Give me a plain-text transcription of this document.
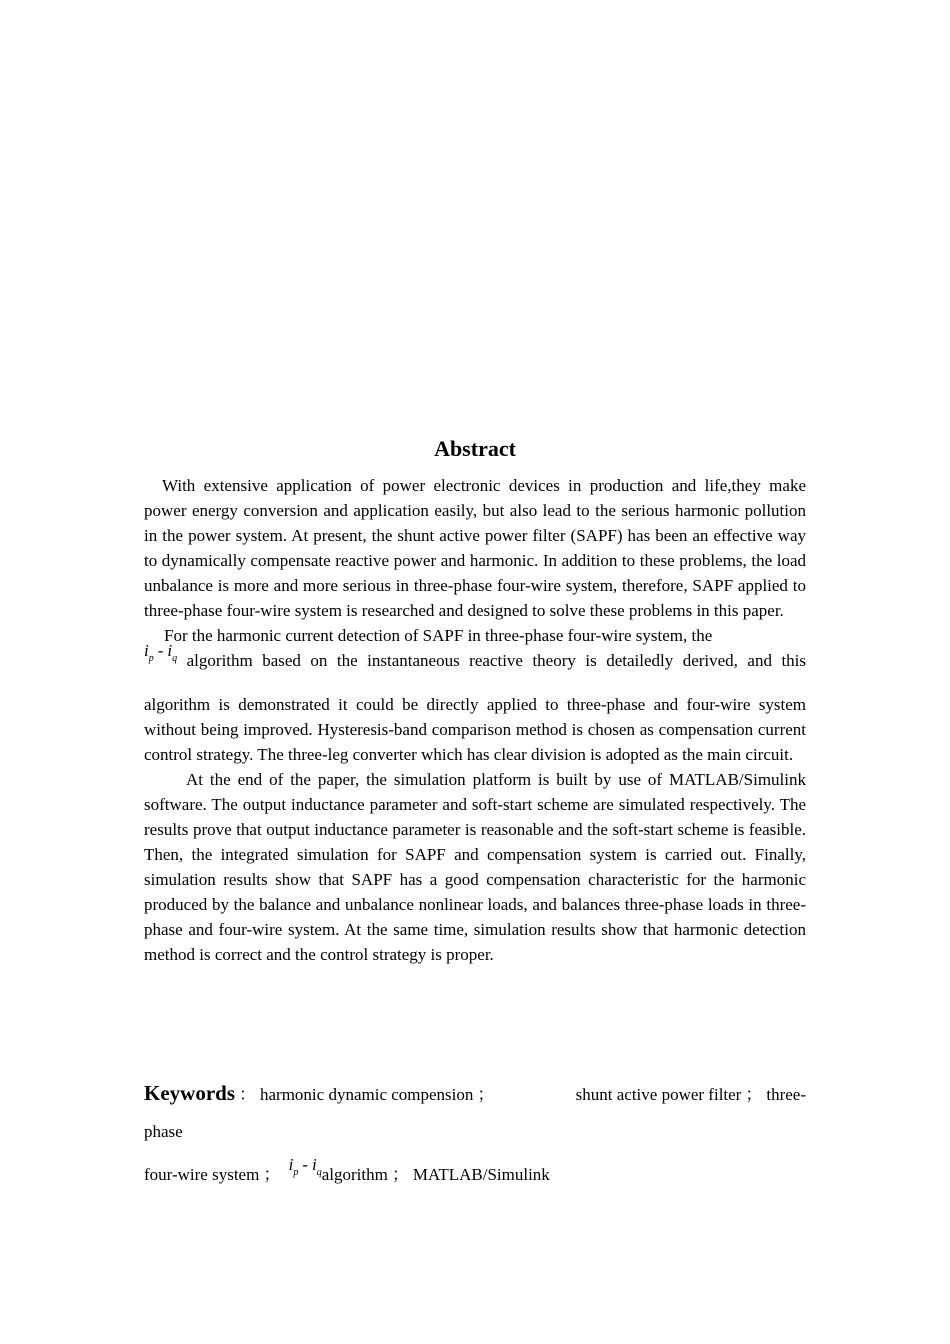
Abstract

With extensive application of power electronic devices in production and life,they make power energy conversion and application easily, but also lead to the serious harmonic pollution in the power system. At present, the shunt active power filter (SAPF) has been an effective way to dynamically compensate reactive power and harmonic. In addition to these problems, the load unbalance is more and more serious in three-phase four-wire system, therefore, SAPF applied to three-phase four-wire system is researched and designed to solve these problems in this paper.

For the harmonic current detection of SAPF in three-phase four-wire system, the

$i_p - i_q$ algorithm based on the instantaneous reactive theory is detailedly derived, and this algorithm is demonstrated it could be directly applied to three-phase and four-wire system without being improved. Hysteresis-band comparison method is chosen as compensation current control strategy. The three-leg converter which has clear division is adopted as the main circuit.

At the end of the paper, the simulation platform is built by use of MATLAB/Simulink software. The output inductance parameter and soft-start scheme are simulated respectively. The results prove that output inductance parameter is reasonable and the soft-start scheme is feasible. Then, the integrated simulation for SAPF and compensation system is carried out. Finally, simulation results show that SAPF has a good compensation characteristic for the harmonic produced by the balance and unbalance nonlinear loads, and balances three-phase loads in three-phase and four-wire system. At the same time, simulation results show that harmonic detection method is correct and the control strategy is proper.

Keywords ： harmonic dynamic compension ；	shunt active power filter ； three-
phase
four-wire system ； $i_p$ - $i_qalgorithm$ ； MATLAB/Simulink
